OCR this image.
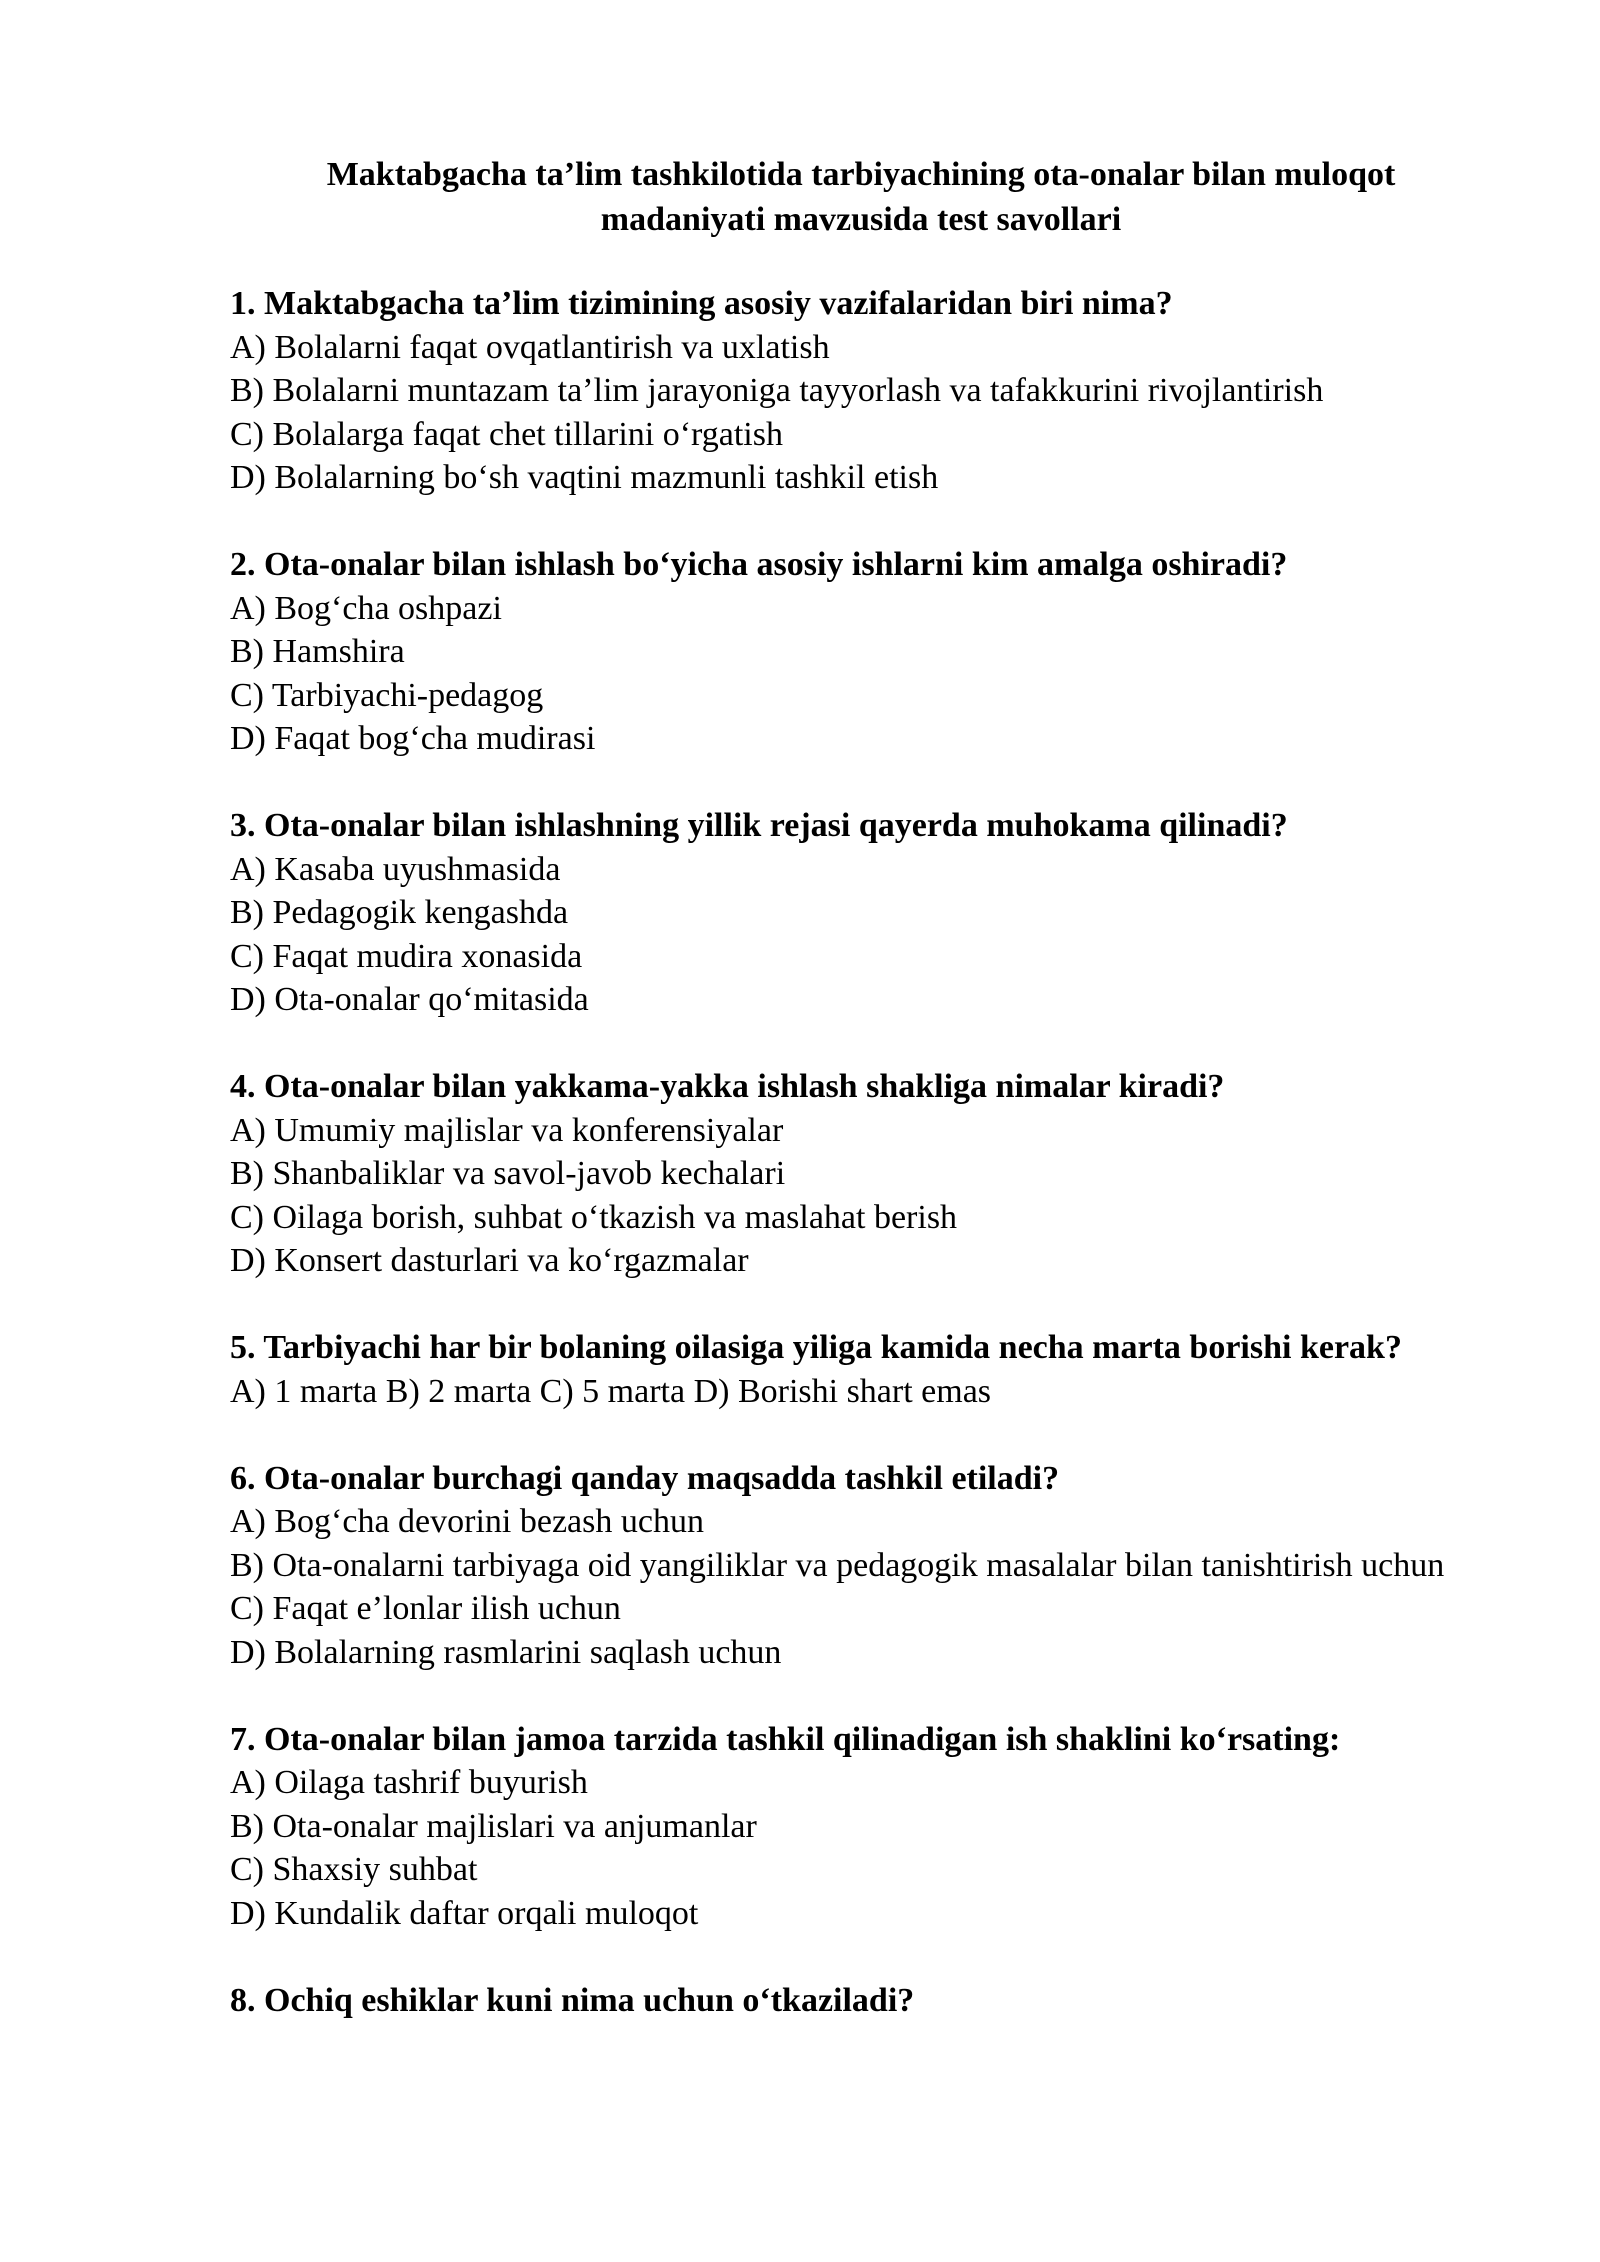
Maktabgacha ta’lim tashkilotida tarbiyachining ota-onalar bilan muloqot
madaniyati mavzusida test savollari

1. Maktabgacha ta’lim tizimining asosiy vazifalaridan biri nima?

A) Bolalarni faqat ovqatlantirish va uxlatish

B) Bolalarni muntazam ta’lim jarayoniga tayyorlash va tafakkurini rivojlantirish

C) Bolalarga faqat chet tillarini o‘rgatish

D) Bolalarning bo‘sh vaqtini mazmunli tashkil etish

2. Ota-onalar bilan ishlash bo‘yicha asosiy ishlarni kim amalga oshiradi?

A) Bog‘cha oshpazi

B) Hamshira

C) Tarbiyachi-pedagog

D) Faqat bog‘cha mudirasi

3. Ota-onalar bilan ishlashning yillik rejasi qayerda muhokama qilinadi?

A) Kasaba uyushmasida

B) Pedagogik kengashda

C) Faqat mudira xonasida

D) Ota-onalar qo‘mitasida

4. Ota-onalar bilan yakkama-yakka ishlash shakliga nimalar kiradi?

A) Umumiy majlislar va konferensiyalar

B) Shanbaliklar va savol-javob kechalari

C) Oilaga borish, suhbat o‘tkazish va maslahat berish

D) Konsert dasturlari va ko‘rgazmalar

5. Tarbiyachi har bir bolaning oilasiga yiliga kamida necha marta borishi kerak?

A) 1 marta B) 2 marta C) 5 marta D) Borishi shart emas

6. Ota-onalar burchagi qanday maqsadda tashkil etiladi?

A) Bog‘cha devorini bezash uchun

B) Ota-onalarni tarbiyaga oid yangiliklar va pedagogik masalalar bilan tanishtirish uchun

C) Faqat e’lonlar ilish uchun

D) Bolalarning rasmlarini saqlash uchun

7. Ota-onalar bilan jamoa tarzida tashkil qilinadigan ish shaklini ko‘rsating:

A) Oilaga tashrif buyurish

B) Ota-onalar majlislari va anjumanlar

C) Shaxsiy suhbat

D) Kundalik daftar orqali muloqot

8. Ochiq eshiklar kuni nima uchun o‘tkaziladi?
